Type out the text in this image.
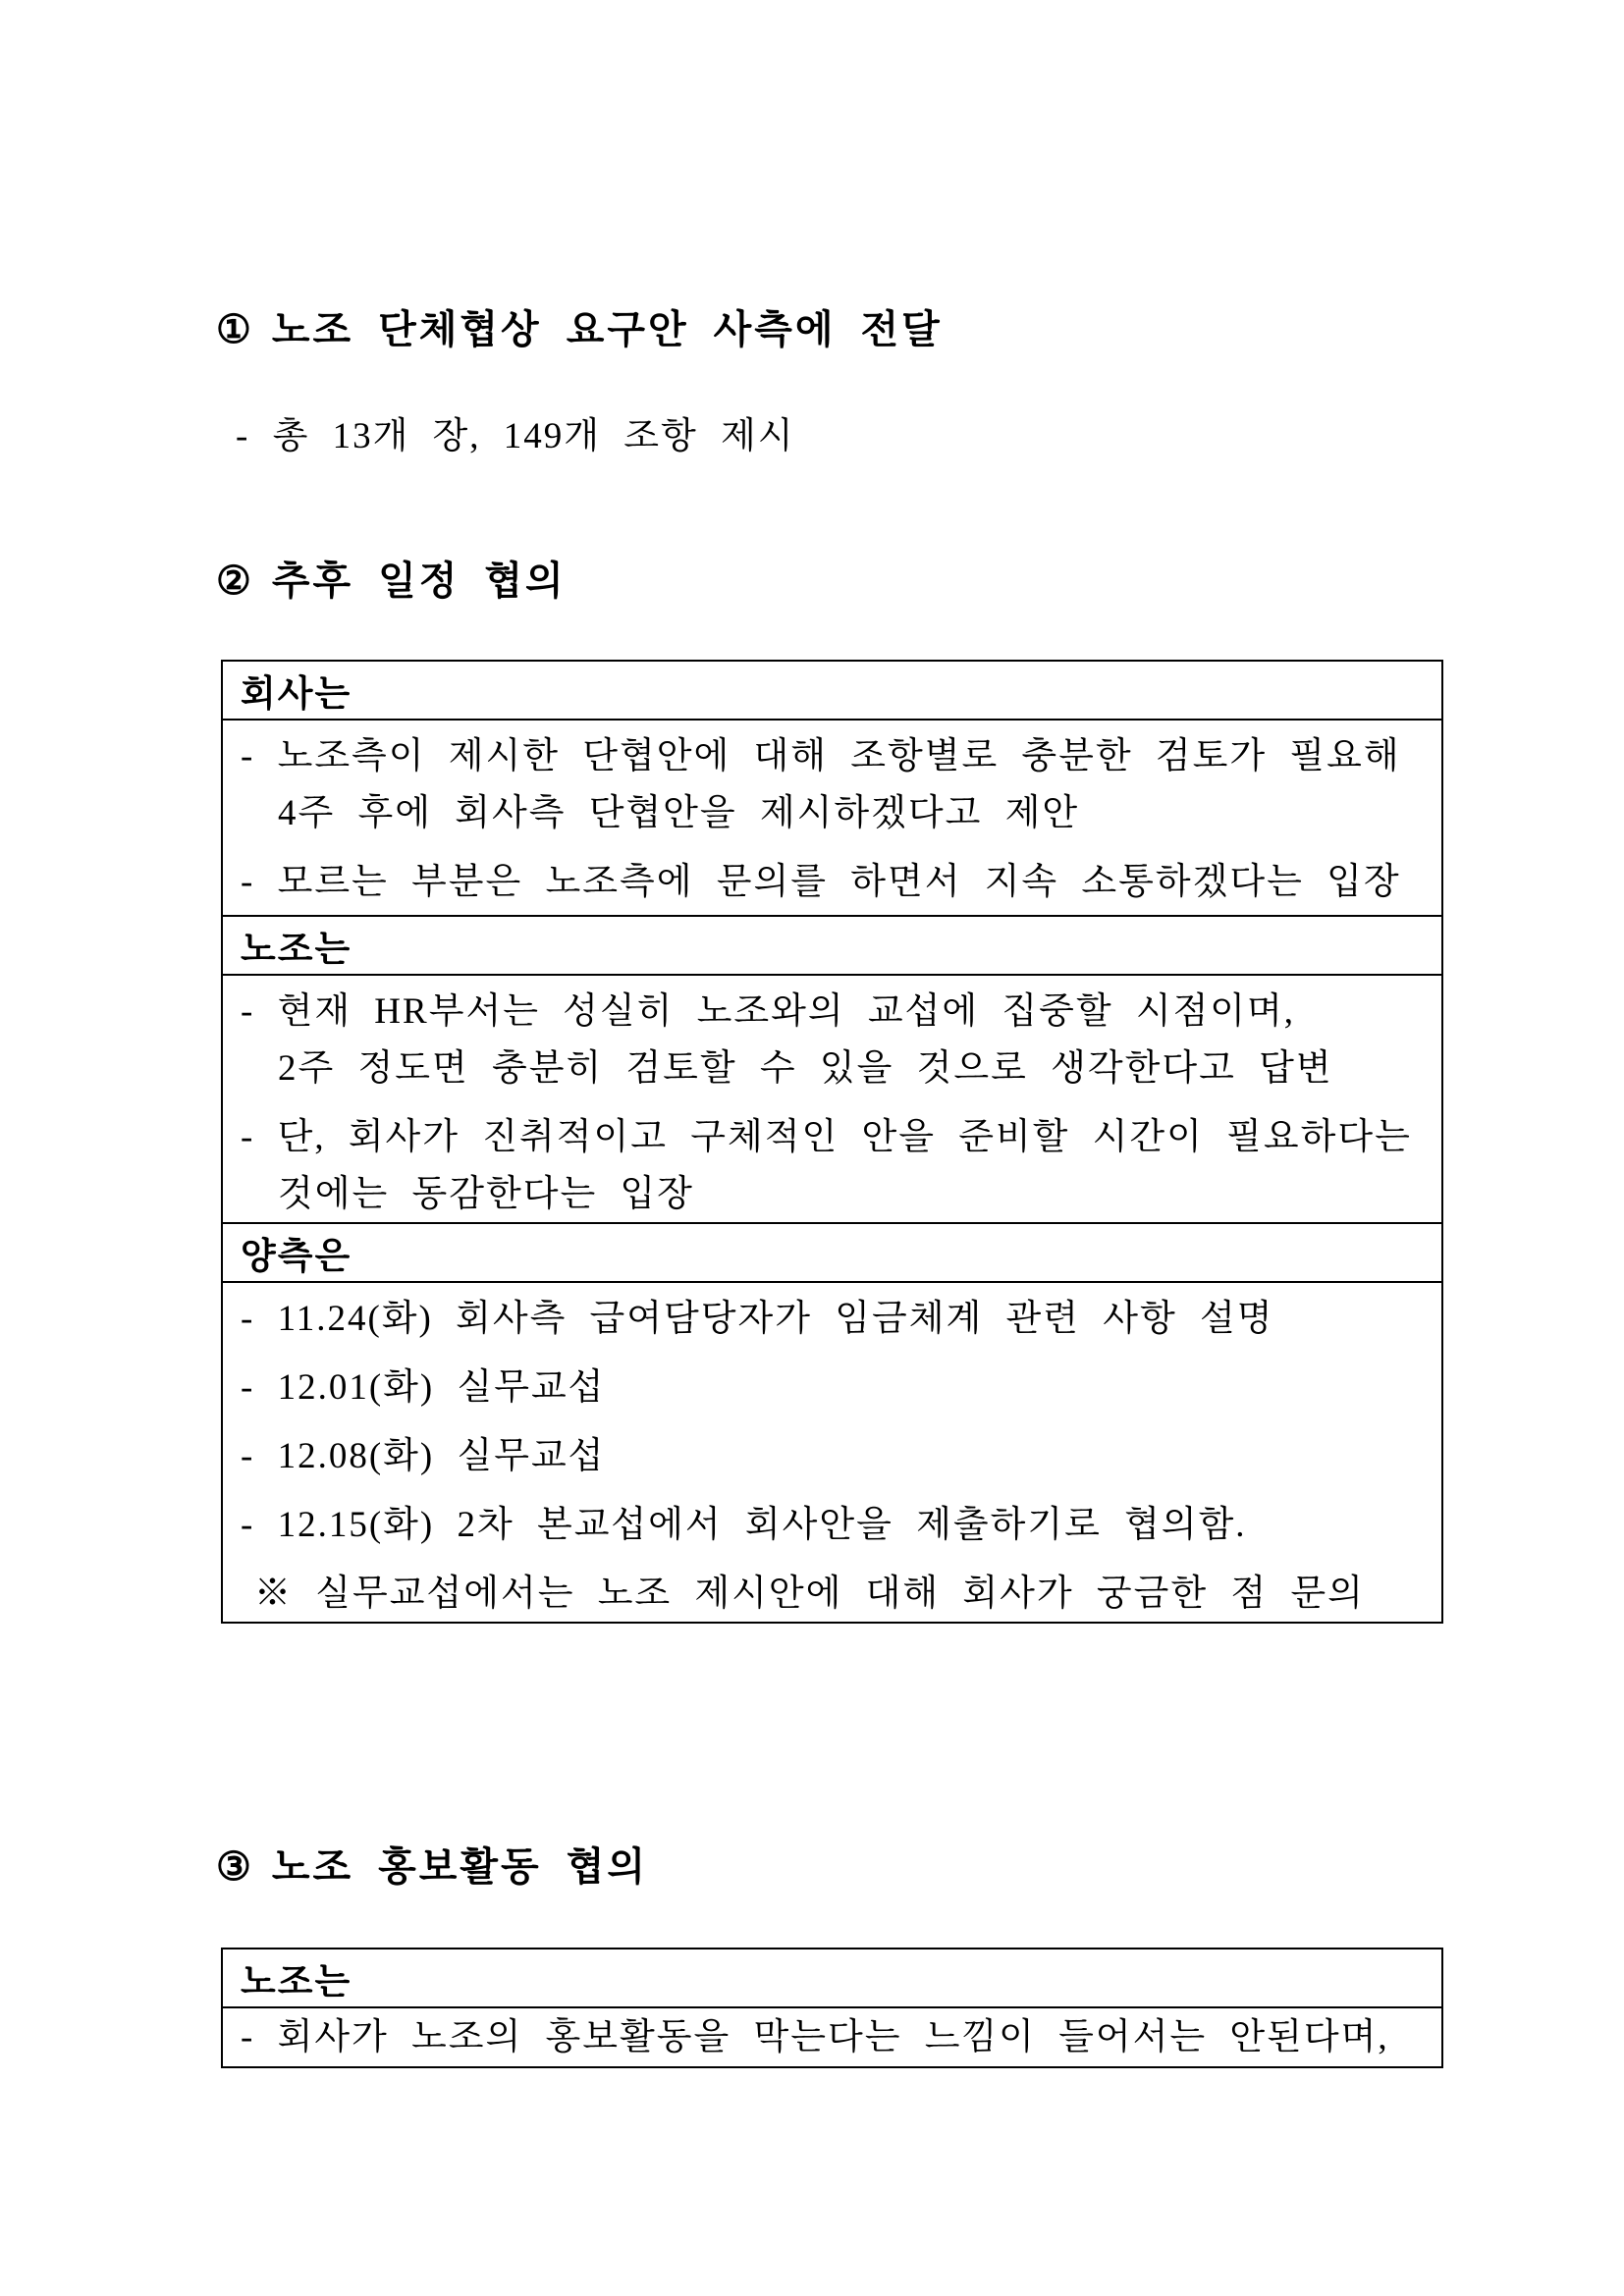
① 노조 단체협상 요구안 사측에 전달
- 총 13개 장, 149개 조항 제시
② 추후 일정 협의
회사는
- 노조측이 제시한 단협안에 대해 조항별로 충분한 검토가 필요해
4주 후에 회사측 단협안을 제시하겠다고 제안
- 모르는 부분은 노조측에 문의를 하면서 지속 소통하겠다는 입장
노조는
- 현재 HR부서는 성실히 노조와의 교섭에 집중할 시점이며,
2주 정도면 충분히 검토할 수 있을 것으로 생각한다고 답변
- 단, 회사가 진취적이고 구체적인 안을 준비할 시간이 필요하다는
것에는 동감한다는 입장
양측은
- 11.24(화) 회사측 급여담당자가 임금체계 관련 사항 설명
- 12.01(화) 실무교섭
- 12.08(화) 실무교섭
- 12.15(화) 2차 본교섭에서 회사안을 제출하기로 협의함.
※ 실무교섭에서는 노조 제시안에 대해 회사가 궁금한 점 문의
③ 노조 홍보활동 협의
노조는
- 회사가 노조의 홍보활동을 막는다는 느낌이 들어서는 안된다며,
